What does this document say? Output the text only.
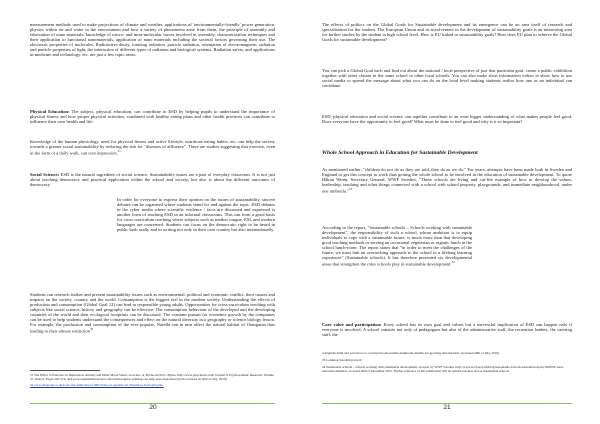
measurement methods used to make projections of climate and weather, applications of 'environmentally-friendly' power generation, physics within air and water in the environment and how a variety of phenomena arise from them, the principle of assembly and fabrication of nano materials, knowledge of micro- and intra-molecular forces involved in assembly, characterization techniques and their application to functional nanomaterials, application of nano materials including the societal factors governing their use, The electronic properties of molecules, Radioactive decay, ionizing radiation, particle radiation, orientation of electromagnetic radiation and particle properties of light, the interaction of different types of radiation and biological systems, Radiation safety, and applications in medicine and technology, etc. are just a few topic areas.

Physical Education: The subject, physical education, can contribute to ESD by helping pupils to understand the importance of physical fitness and how proper physical activities, combined with healthy eating plans and other health practices can contribute to influence their own health and life.

Knowledge of the human physiology, need for physical fitness and active lifestyle, nutritious eating habits, etc. can help the society towards a greater social sustainability by reducing the risk for "diseases of affluence". There are studies suggesting that exercise, even in the form of a daily walk, can cure depression.$^{31}$

Social Science: ESD is the natural ingredient of social science. Sustainability issues are a part of everyday classroom. It is not just about teaching democracy and practical application within the school and society, but also is about the different outcomes of democracy.

In order for everyone to express their opinion on the issues of sustainability, sincere debates can be organised where students stand for and against the topic. ESD debates in the cyber media where scientific evidence / facts are discussed and expressed is another form of teaching ESD in an informal classrooms. This can form a good basis for cross curriculum teaching where subjects such as mother tongue, ESL and modern languages are concerned. Students can focus on the democratic right to be heard in public both orally and in writing not only in their own country but also internationally.

Students can research further and present sustainability issues such as environmental, political and economic conflict, their causes and impacts on the society, country and the world. Consumption is the biggest evil in the modern society. Understanding the effects of production and consumption (Global Goal 12) can lead to responsible young adults. Opportunities for cross-curriculum teaching with subjects like social science, history and geography can be effective. The consumption behaviour of the developed and the developing countries of the world and their ecological footprints can be discussed. The constant pursuit for economic growth by the companies can be used to help students understand the consequences and effect on the natural diversity in a geography or science biology lesson. For example, the production and consumption of the ever popular, Nutella can in turn affect the natural habitat of Orangutan thus leading to their almost extinction$^{32}$

31 The Effect of Exercise on Depression, Anxiety and Other Mood States: A review. A. Byrne and D.G. Byrne. http://www.jpsychores.com/ Journal of Psychosomatic Research: Volume 37, Issue 6, Pages 565-574; and www.sustainablevarsion.com/article/regular-walking-can-help-ease-depression (both accessed on 20th of July, 2016)
32 www.telegraph.co.uk/food-and-drink/news/11605/Why-we-appetite-for-Nutella-is-destroying-the-
20

The effects of politics on the Global Goals for Sustainable development and its emergence can be an area itself of research and specialisation for the student. The European Union and its involvement in the development of sustainability goals is an interesting area for further studies by the student at high school level. How is EU linked to sustainability goals? How does EU plan to achieve the Global Goals for sustainable development?

You can pick a Global Goal each and find out about the national / local perspective of just that particular goal, create a public exhibition together with other classes in the same school or other local schools. You can also make short information videos to show how to use social media to spread the message about what you can do on the local level making students realise how one as an individual can contribute.

ESD, physical education and social science can together contribute to an even bigger understanding of what makes people feel good. Does everyone have the opportunity to feel good? What must be done to feel good and why is it so important?

Whole School Approach in Education for Sustainable Development

As mentioned earlier, "children do not do as they are told, they do as we do." For years, attempts have been made both in Sweden and England to get this concept to work thus getting the whole school to be involved in the education of sustainable development. To quote Håkan Wirén, Secretary General, WWF Sweden, "These schools are living and cut-life example of how to develop the values, leadership, teaching and other things connected with a school with school property, playgrounds, and immediate neighbourhood, under one umbrella."$^{33}$

According to the report, "Sustainable schools – Schools working with sustainable development", the responsibility of such a school, whose ambition is to equip individuals to cope with a sustainable future, is much more than that developing good teaching methods or serving an occasional vegetarian or organic lunch in the school lunch-room. The report states that "in order to meet the challenges of the future, we must link an overarching approach to the school in a lifelong learning experience" (Sustainable schools). It has therefore presented six developmental areas that strengthen the roles schools play in sustainable development.$^{34}$

Core value and participation: Every school has its own goal and values but a successful implication of ESD can happen only if everyone is involved. A school consists not only of pedagogues but also of the administrative staff, the recreation leaders, the catering staff, the

orangutans.html and www.how-to-overview/foods-nutella-nutella-the-nutella-for-growing-deforestation/ (accessed 20th of July, 2016)
33 Common Swedish proverb
34 Sustainable schools – schools working with sustainable development. A report by WWF Sweden. http://www.wwf.se/wwfsblog/sustainable-schools-education/report/1605WF-next-education-material. accessed 26th of December 2015. Further reference of this publication will be written brackets and as Sustainable schools
21
